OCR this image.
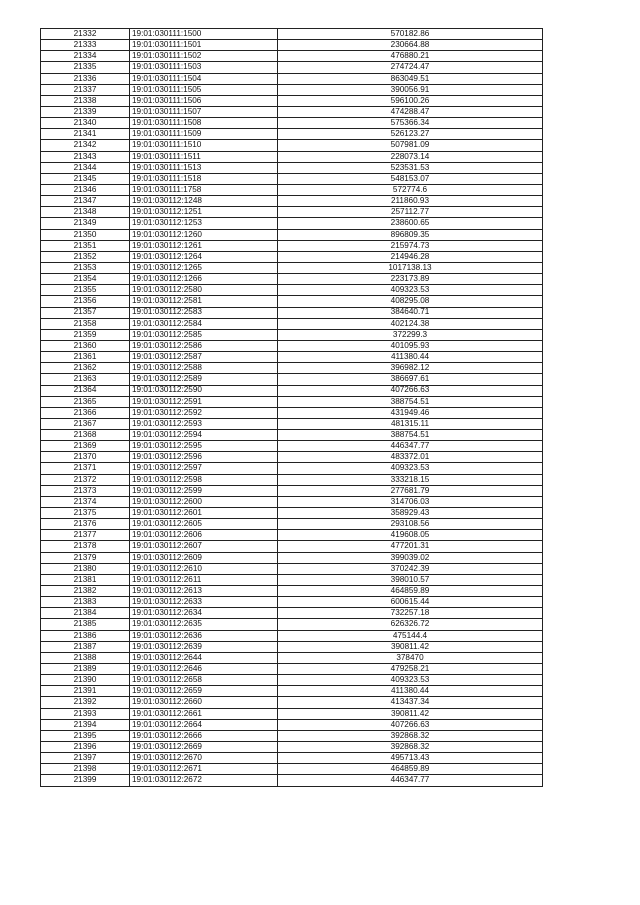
21332	19:01:030111:1500	570182.86
21333	19:01:030111:1501	230664.88
21334	19:01:030111:1502	476880.21
21335	19:01:030111:1503	274724.47
21336	19:01:030111:1504	863049.51
21337	19:01:030111:1505	390056.91
21338	19:01:030111:1506	596100.26
21339	19:01:030111:1507	474288.47
21340	19:01:030111:1508	575366.34
21341	19:01:030111:1509	526123.27
21342	19:01:030111:1510	507981.09
21343	19:01:030111:1511	228073.14
21344	19:01:030111:1513	523531.53
21345	19:01:030111:1518	548153.07
21346	19:01:030111:1758	572774.6
21347	19:01:030112:1248	211860.93
21348	19:01:030112:1251	257112.77
21349	19:01:030112:1253	238600.65
21350	19:01:030112:1260	896809.35
21351	19:01:030112:1261	215974.73
21352	19:01:030112:1264	214946.28
21353	19:01:030112:1265	1017138.13
21354	19:01:030112:1266	223173.89
21355	19:01:030112:2580	409323.53
21356	19:01:030112:2581	408295.08
21357	19:01:030112:2583	384640.71
21358	19:01:030112:2584	402124.38
21359	19:01:030112:2585	372299.3
21360	19:01:030112:2586	401095.93
21361	19:01:030112:2587	411380.44
21362	19:01:030112:2588	396982.12
21363	19:01:030112:2589	386697.61
21364	19:01:030112:2590	407266.63
21365	19:01:030112:2591	388754.51
21366	19:01:030112:2592	431949.46
21367	19:01:030112:2593	481315.11
21368	19:01:030112:2594	388754.51
21369	19:01:030112:2595	446347.77
21370	19:01:030112:2596	483372.01
21371	19:01:030112:2597	409323.53
21372	19:01:030112:2598	333218.15
21373	19:01:030112:2599	277681.79
21374	19:01:030112:2600	314706.03
21375	19:01:030112:2601	358929.43
21376	19:01:030112:2605	293108.56
21377	19:01:030112:2606	419608.05
21378	19:01:030112:2607	477201.31
21379	19:01:030112:2609	399039.02
21380	19:01:030112:2610	370242.39
21381	19:01:030112:2611	398010.57
21382	19:01:030112:2613	464859.89
21383	19:01:030112:2633	600615.44
21384	19:01:030112:2634	732257.18
21385	19:01:030112:2635	626326.72
21386	19:01:030112:2636	475144.4
21387	19:01:030112:2639	390811.42
21388	19:01:030112:2644	378470
21389	19:01:030112:2646	479258.21
21390	19:01:030112:2658	409323.53
21391	19:01:030112:2659	411380.44
21392	19:01:030112:2660	413437.34
21393	19:01:030112:2661	390811.42
21394	19:01:030112:2664	407266.63
21395	19:01:030112:2666	392868.32
21396	19:01:030112:2669	392868.32
21397	19:01:030112:2670	495713.43
21398	19:01:030112:2671	464859.89
21399	19:01:030112:2672	446347.77
